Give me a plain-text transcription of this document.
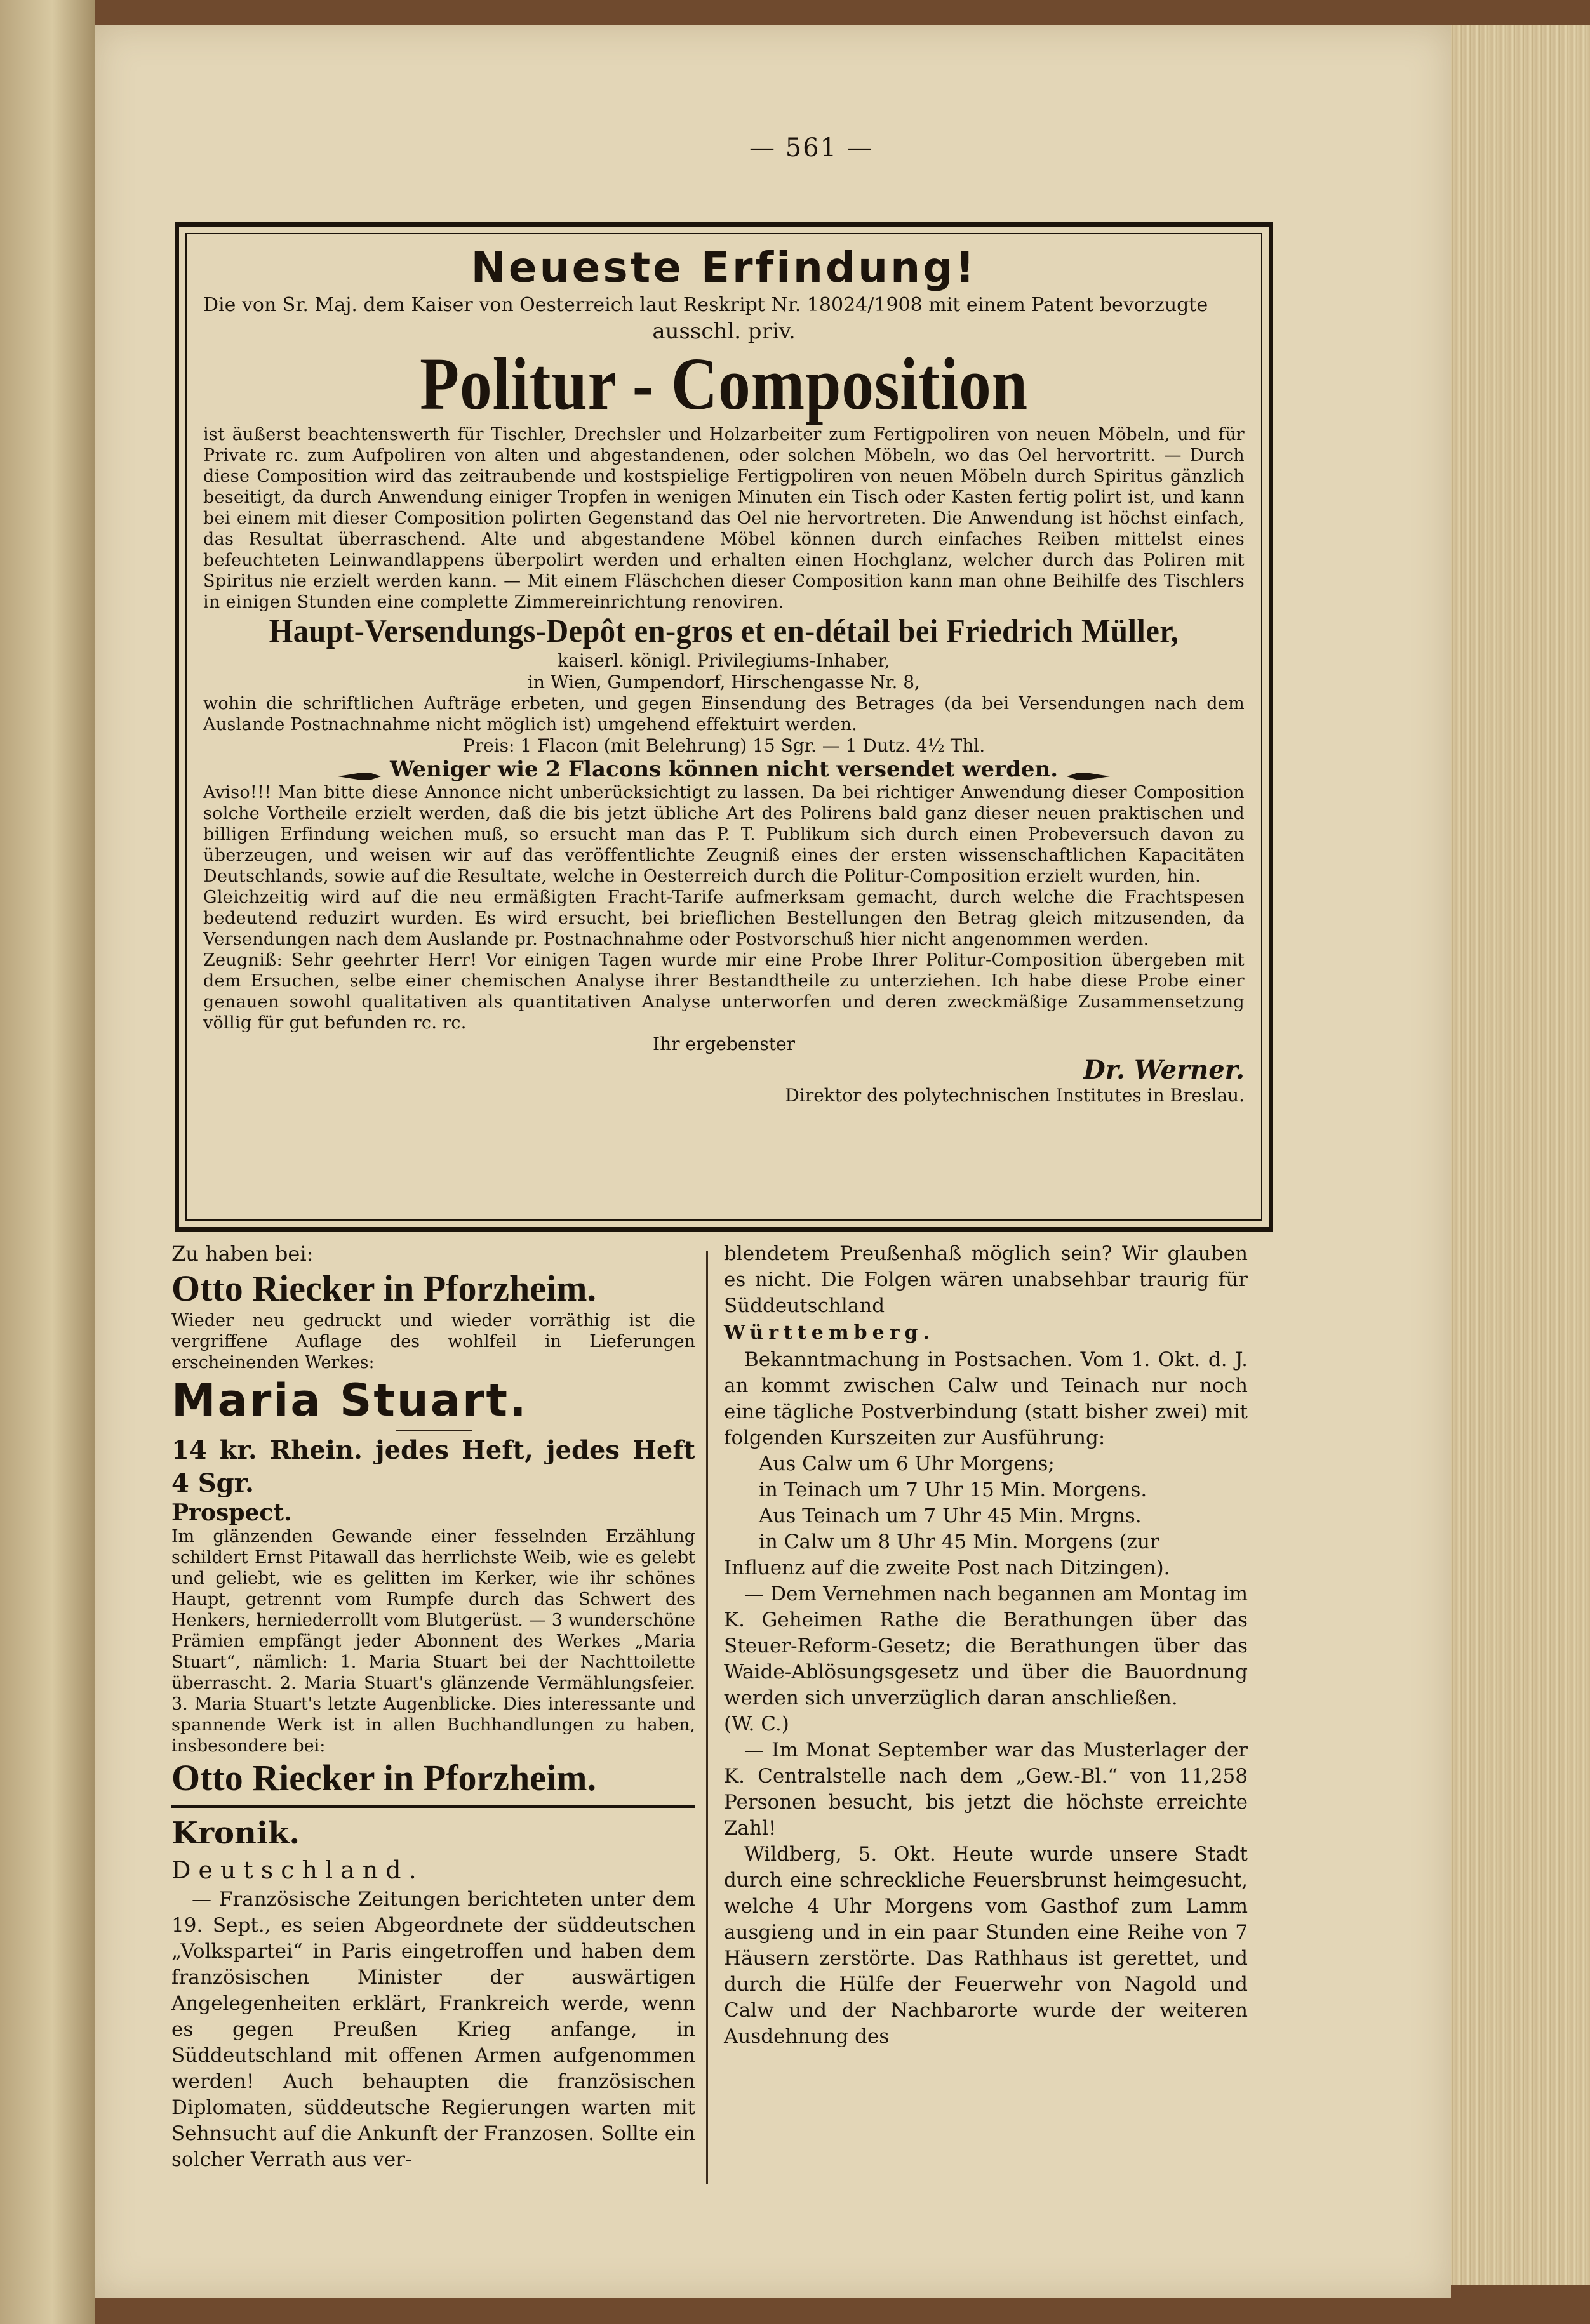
— 561 —

Neueste Erfindung!

Die von Sr. Maj. dem Kaiser von Oesterreich laut Reskript Nr. 18024/1908 mit einem Patent bevorzugte

ausschl. priv.

Politur - Composition

ist äußerst beachtenswerth für Tischler, Drechsler und Holzarbeiter zum Fertigpoliren von neuen Möbeln, und für Private rc. zum Aufpoliren von alten und abgestandenen, oder solchen Möbeln, wo das Oel hervortritt. — Durch diese Composition wird das zeitraubende und kostspielige Fertigpoliren von neuen Möbeln durch Spiritus gänzlich beseitigt, da durch Anwendung einiger Tropfen in wenigen Minuten ein Tisch oder Kasten fertig polirt ist, und kann bei einem mit dieser Composition polirten Gegenstand das Oel nie hervortreten. Die Anwendung ist höchst einfach, das Resultat überraschend. Alte und abgestandene Möbel können durch einfaches Reiben mittelst eines befeuchteten Leinwandlappens überpolirt werden und erhalten einen Hochglanz, welcher durch das Poliren mit Spiritus nie erzielt werden kann. — Mit einem Fläschchen dieser Composition kann man ohne Beihilfe des Tischlers in einigen Stunden eine complette Zimmereinrichtung renoviren.

Haupt-Versendungs-Depôt en-gros et en-détail bei Friedrich Müller,

kaiserl. königl. Privilegiums-Inhaber,

in Wien, Gumpendorf, Hirschengasse Nr. 8,

wohin die schriftlichen Aufträge erbeten, und gegen Einsendung des Betrages (da bei Versendungen nach dem Auslande Postnachnahme nicht möglich ist) umgehend effektuirt werden.

Preis: 1 Flacon (mit Belehrung) 15 Sgr. — 1 Dutz. 4½ Thl.

Weniger wie 2 Flacons können nicht versendet werden.

Aviso!!! Man bitte diese Annonce nicht unberücksichtigt zu lassen. Da bei richtiger Anwendung dieser Composition solche Vortheile erzielt werden, daß die bis jetzt übliche Art des Polirens bald ganz dieser neuen praktischen und billigen Erfindung weichen muß, so ersucht man das P. T. Publikum sich durch einen Probeversuch davon zu überzeugen, und weisen wir auf das veröffentlichte Zeugniß eines der ersten wissenschaftlichen Kapacitäten Deutschlands, sowie auf die Resultate, welche in Oesterreich durch die Politur-Composition erzielt wurden, hin.

Gleichzeitig wird auf die neu ermäßigten Fracht-Tarife aufmerksam gemacht, durch welche die Frachtspesen bedeutend reduzirt wurden. Es wird ersucht, bei brieflichen Bestellungen den Betrag gleich mitzusenden, da Versendungen nach dem Auslande pr. Postnachnahme oder Postvorschuß hier nicht angenommen werden.

Zeugniß: Sehr geehrter Herr! Vor einigen Tagen wurde mir eine Probe Ihrer Politur-Composition übergeben mit dem Ersuchen, selbe einer chemischen Analyse ihrer Bestandtheile zu unterziehen. Ich habe diese Probe einer genauen sowohl qualitativen als quantitativen Analyse unterworfen und deren zweckmäßige Zusammensetzung völlig für gut befunden rc. rc.

Ihr ergebenster

Dr. Werner.

Direktor des polytechnischen Institutes in Breslau.

Zu haben bei:

Otto Riecker in Pforzheim.

Wieder neu gedruckt und wieder vorräthig ist die vergriffene Auflage des wohlfeil in Lieferungen erscheinenden Werkes:

Maria Stuart.

14 kr. Rhein. jedes Heft, jedes Heft 4 Sgr.

Prospect.

Im glänzenden Gewande einer fesselnden Erzählung schildert Ernst Pitawall das herrlichste Weib, wie es gelebt und geliebt, wie es gelitten im Kerker, wie ihr schönes Haupt, getrennt vom Rumpfe durch das Schwert des Henkers, herniederrollt vom Blutgerüst. — 3 wunderschöne Prämien empfängt jeder Abonnent des Werkes „Maria Stuart“, nämlich: 1. Maria Stuart bei der Nachttoilette überrascht. 2. Maria Stuart's glänzende Vermählungsfeier. 3. Maria Stuart's letzte Augenblicke. Dies interessante und spannende Werk ist in allen Buchhandlungen zu haben, insbesondere bei:

Otto Riecker in Pforzheim.

Kronik.

Deutschland.

— Französische Zeitungen berichteten unter dem 19. Sept., es seien Abgeordnete der süddeutschen „Volkspartei“ in Paris eingetroffen und haben dem französischen Minister der auswärtigen Angelegenheiten erklärt, Frankreich werde, wenn es gegen Preußen Krieg anfange, in Süddeutschland mit offenen Armen aufgenommen werden! Auch behaupten die französischen Diplomaten, süddeutsche Regierungen warten mit Sehnsucht auf die Ankunft der Franzosen. Sollte ein solcher Verrath aus ver-

blendetem Preußenhaß möglich sein? Wir glauben es nicht. Die Folgen wären unabsehbar traurig für Süddeutschland

Württemberg.

Bekanntmachung in Postsachen. Vom 1. Okt. d. J. an kommt zwischen Calw und Teinach nur noch eine tägliche Postverbindung (statt bisher zwei) mit folgenden Kurszeiten zur Ausführung:

Aus Calw um 6 Uhr Morgens;

in Teinach um 7 Uhr 15 Min. Morgens.

Aus Teinach um 7 Uhr 45 Min. Mrgns.

in Calw um 8 Uhr 45 Min. Morgens (zur

Influenz auf die zweite Post nach Ditzingen).

— Dem Vernehmen nach begannen am Montag im K. Geheimen Rathe die Berathungen über das Steuer-Reform-Gesetz; die Berathungen über das Waide-Ablösungsgesetz und über die Bauordnung werden sich unverzüglich daran anschließen.

(W. C.)

— Im Monat September war das Musterlager der K. Centralstelle nach dem „Gew.-Bl.“ von 11,258 Personen besucht, bis jetzt die höchste erreichte Zahl!

Wildberg, 5. Okt. Heute wurde unsere Stadt durch eine schreckliche Feuersbrunst heimgesucht, welche 4 Uhr Morgens vom Gasthof zum Lamm ausgieng und in ein paar Stunden eine Reihe von 7 Häusern zerstörte. Das Rathhaus ist gerettet, und durch die Hülfe der Feuerwehr von Nagold und Calw und der Nachbarorte wurde der weiteren Ausdehnung des
